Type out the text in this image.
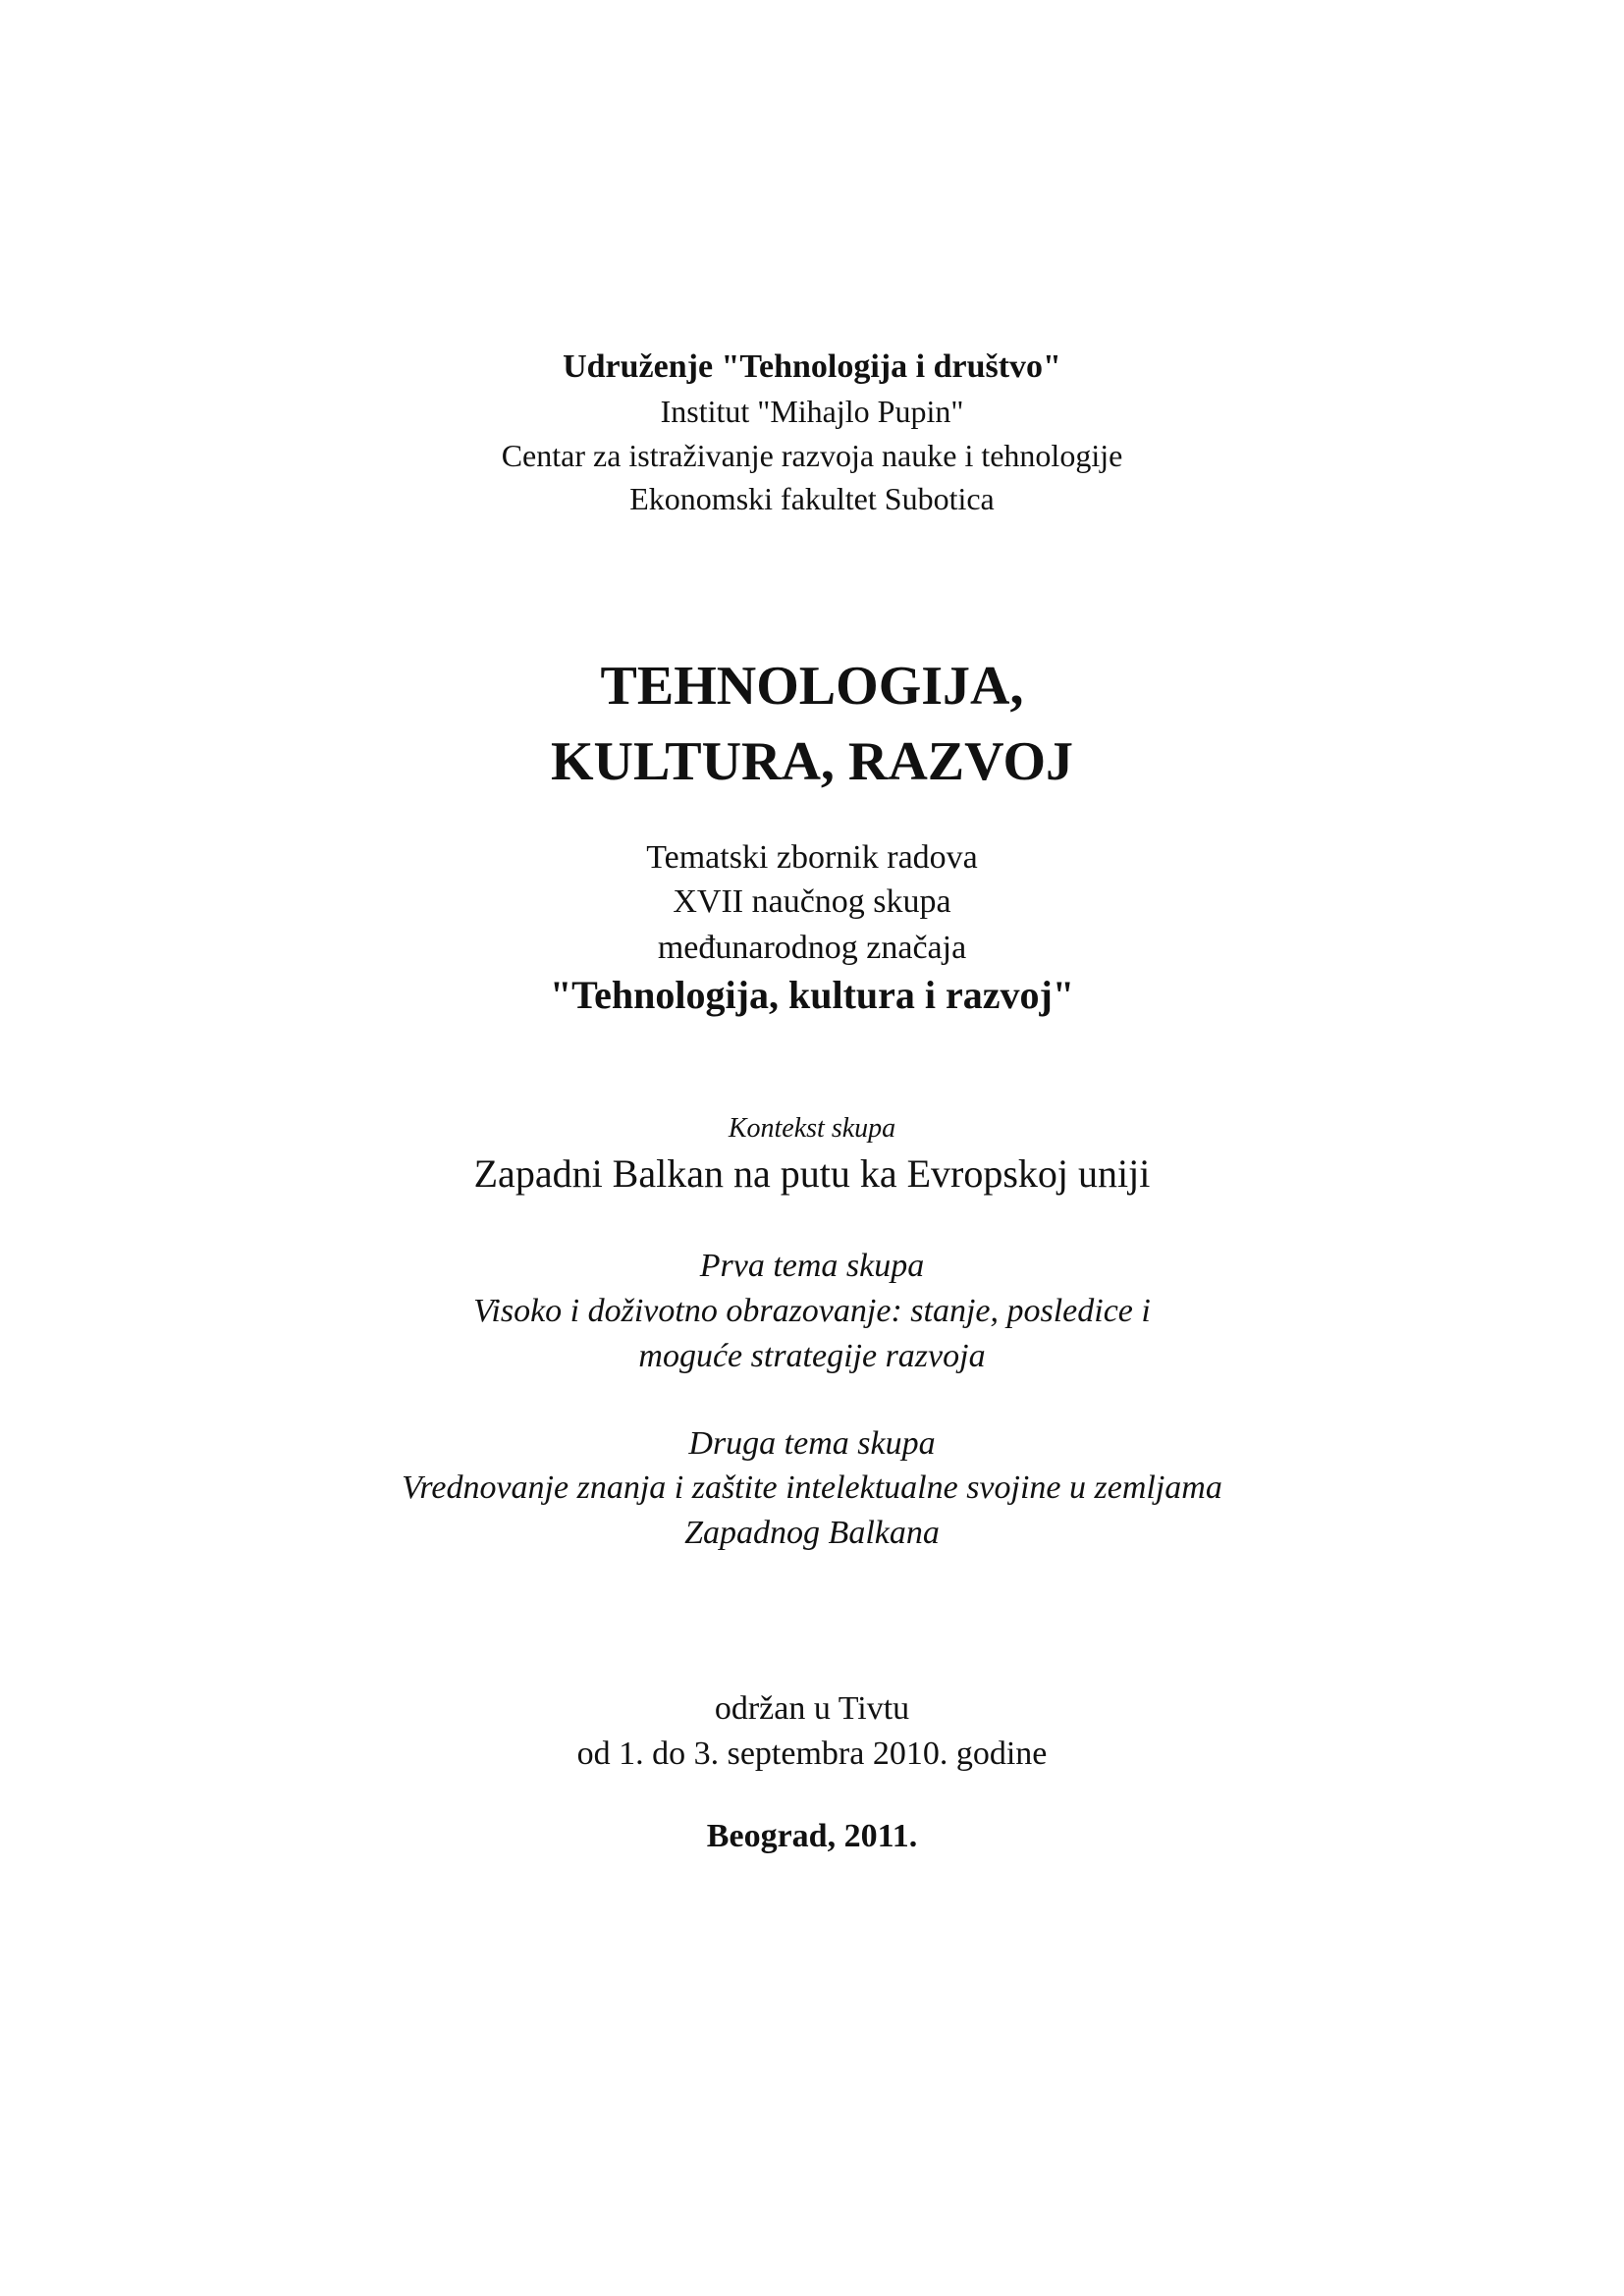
Udruženje "Tehnologija i društvo"
Institut "Mihajlo Pupin"
Centar za istraživanje razvoja nauke i tehnologije
Ekonomski fakultet Subotica
TEHNOLOGIJA,
KULTURA, RAZVOJ
Tematski zbornik radova
XVII naučnog skupa
međunarodnog značaja
"Tehnologija, kultura i razvoj"
Kontekst skupa
Zapadni Balkan na putu ka Evropskoj uniji
Prva tema skupa
Visoko i doživotno obrazovanje: stanje, posledice i
moguće strategije razvoja
Druga tema skupa
Vrednovanje znanja i zaštite intelektualne svojine u zemljama
Zapadnog Balkana
održan u Tivtu
od 1. do 3. septembra 2010. godine
Beograd, 2011.
